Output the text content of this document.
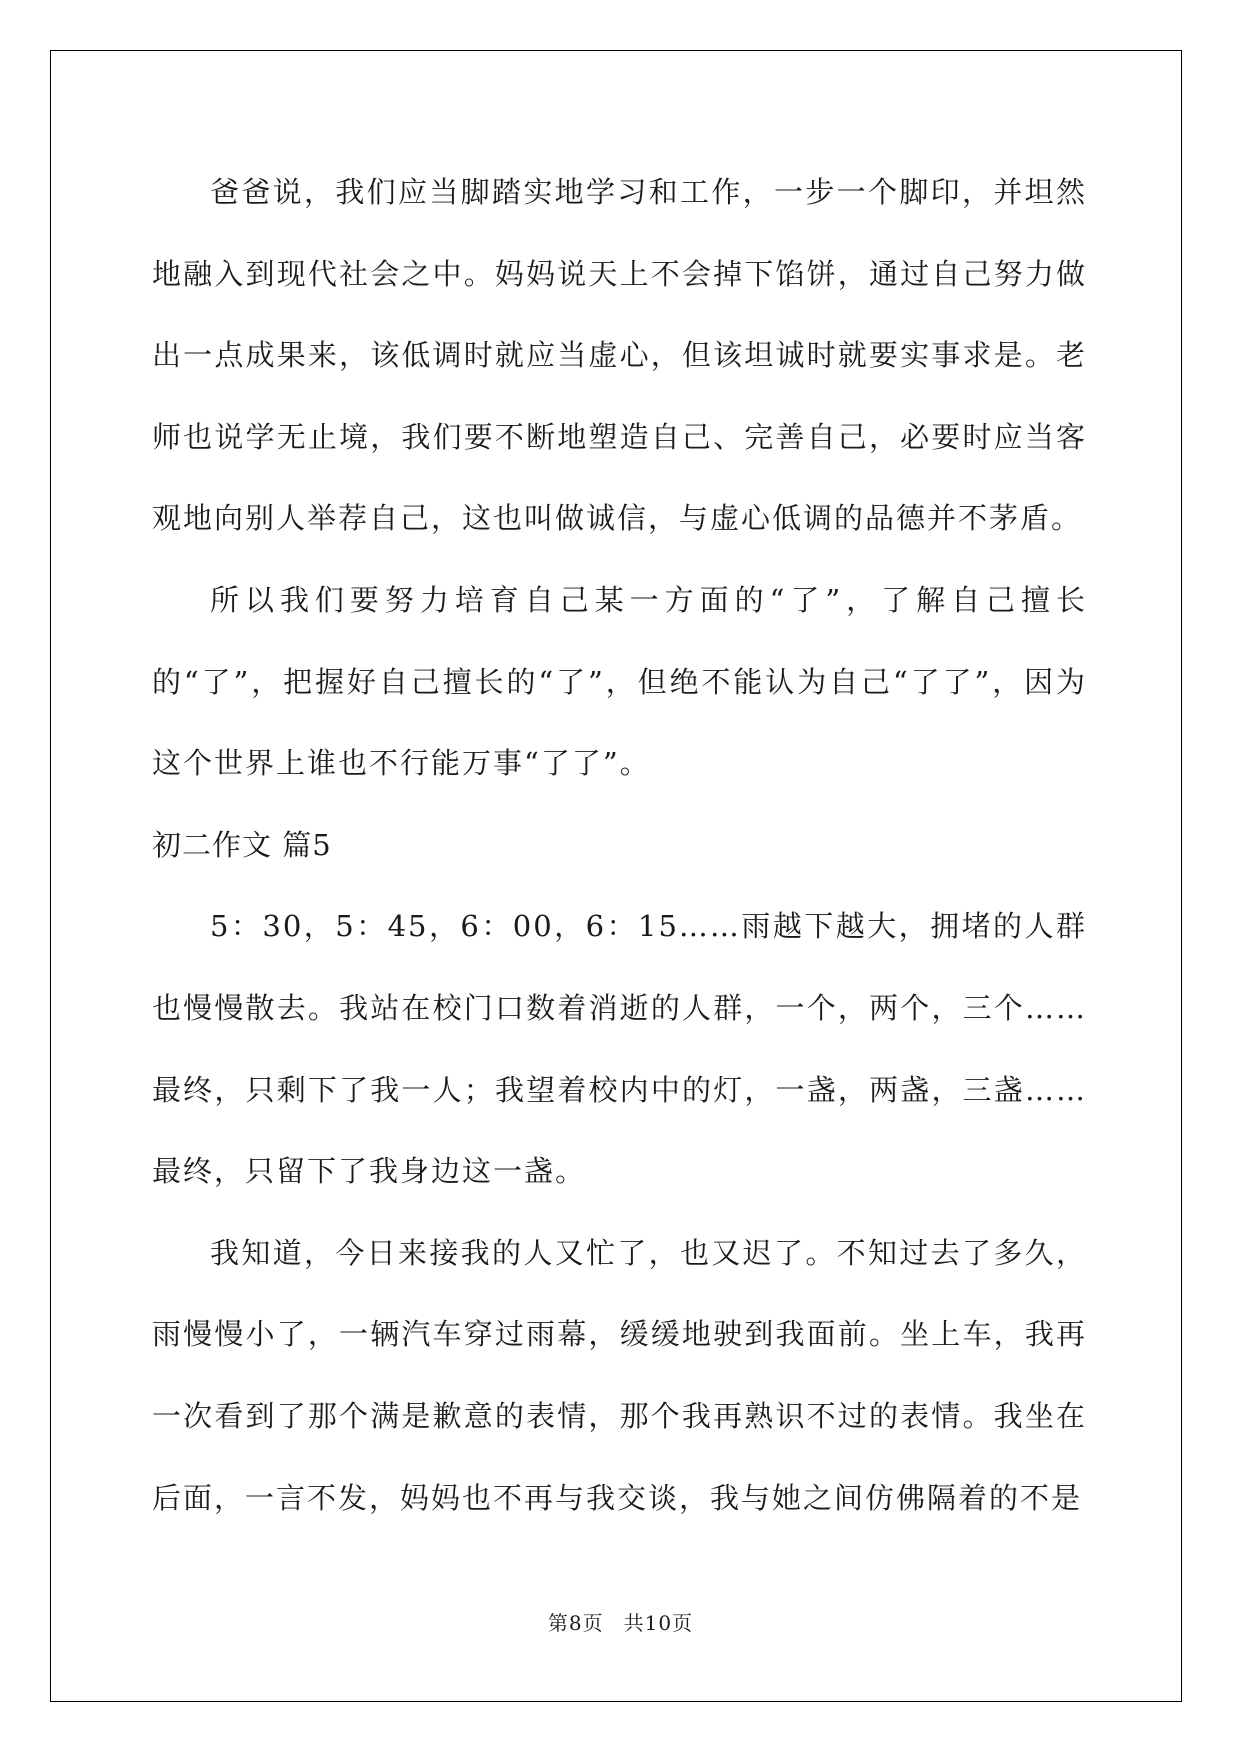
爸爸说，我们应当脚踏实地学习和工作，一步一个脚印，并坦然地融入到现代社会之中。妈妈说天上不会掉下馅饼，通过自己努力做出一点成果来，该低调时就应当虚心，但该坦诚时就要实事求是。老师也说学无止境，我们要不断地塑造自己、完善自己，必要时应当客观地向别人举荐自己，这也叫做诚信，与虚心低调的品德并不茅盾。

所以我们要努力培育自己某一方面的“了”，了解自己擅长的“了”，把握好自己擅长的“了”，但绝不能认为自己“了了”，因为这个世界上谁也不行能万事“了了”。

初二作文 篇5

5：30，5：45，6：00，6：15……雨越下越大，拥堵的人群也慢慢散去。我站在校门口数着消逝的人群，一个，两个，三个……最终，只剩下了我一人；我望着校内中的灯，一盏，两盏，三盏……最终，只留下了我身边这一盏。

我知道，今日来接我的人又忙了，也又迟了。不知过去了多久，雨慢慢小了，一辆汽车穿过雨幕，缓缓地驶到我面前。坐上车，我再一次看到了那个满是歉意的表情，那个我再熟识不过的表情。我坐在后面，一言不发，妈妈也不再与我交谈，我与她之间仿佛隔着的不是

第8页 共10页
